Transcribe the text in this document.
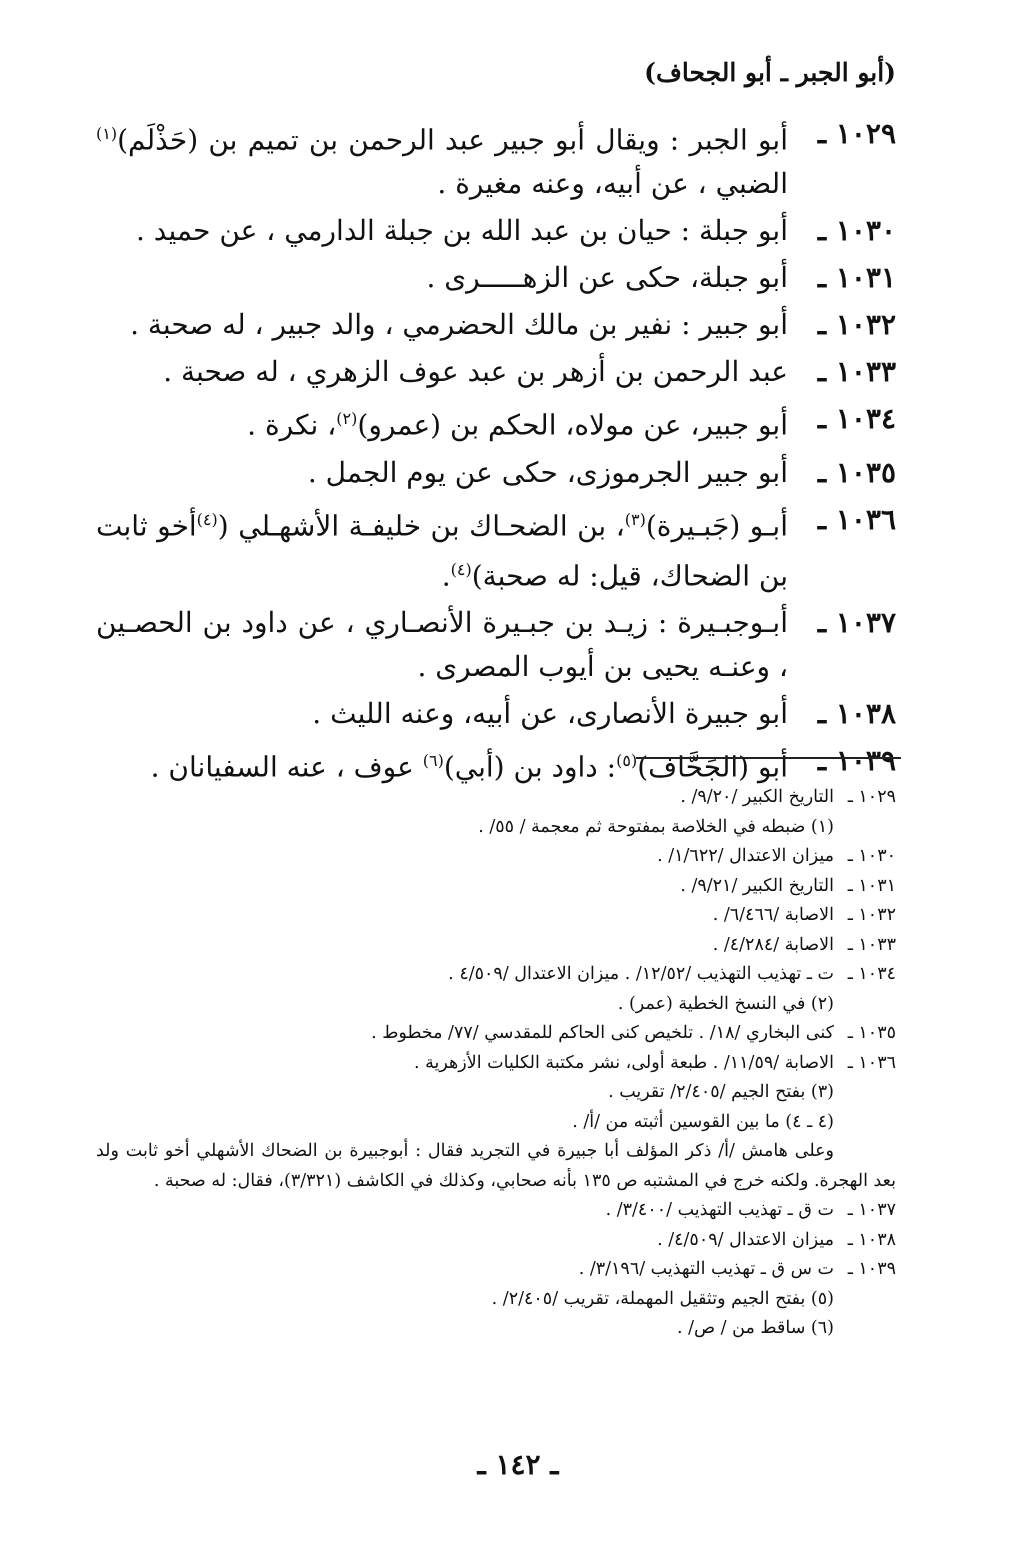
(أبو الجبر ـ أبو الجحاف)
١٠٢٩ ـ
أبو الجبر : ويقال أبو جبير عبد الرحمن بن تميم بن (حَذْلَم)$^{(١)}$ الضبي ، عن أبيه، وعنه مغيرة .
١٠٣٠ ـ
أبو جبلة : حيان بن عبد الله بن جبلة الدارمي ، عن حميد .
١٠٣١ ـ
أبو جبلة، حكى عن الزهـــــرى .
١٠٣٢ ـ
أبو جبير : نفير بن مالك الحضرمي ، والد جبير ، له صحبة .
١٠٣٣ ـ
عبد الرحمن بن أزهر بن عبد عوف الزهري ، له صحبة .
١٠٣٤ ـ
أبو جبير، عن مولاه، الحكم بن (عمرو)$^{(٢)}$، نكرة .
١٠٣٥ ـ
أبو جبير الجرموزى، حكى عن يوم الجمل .
١٠٣٦ ـ
أبـو (جَبـيرة)$^{(٣)}$، بن الضحـاك بن خليفـة الأشهـلي ($^{(٤)}$أخو ثابت بن الضحاك، قيل: له صحبة)$^{(٤)}$.
١٠٣٧ ـ
أبـوجبـيرة : زيـد بن جبـيرة الأنصـاري ، عن داود بن الحصـين ، وعنـه يحيى بن أيوب المصرى .
١٠٣٨ ـ
أبو جبيرة الأنصارى، عن أبيه، وعنه الليث .
١٠٣٩ ـ
أبو (الجَحَّاف)$^{(٥)}$: داود بن (أبي)$^{(٦)}$ عوف ، عنه السفيانان .
١٠٢٩ ـ
التاريخ الكبير /٩/٢٠/ .
(١) ضبطه في الخلاصة بمفتوحة ثم معجمة / ٥٥/ .
١٠٣٠ ـ
ميزان الاعتدال /١/٦٢٢/ .
١٠٣١ ـ
التاريخ الكبير /٩/٢١/ .
١٠٣٢ ـ
الاصابة /٦/٤٦٦/ .
١٠٣٣ ـ
الاصابة /٤/٢٨٤/ .
١٠٣٤ ـ
ت ـ تهذيب التهذيب /١٢/٥٢/ . ميزان الاعتدال /٤/٥٠٩ .
(٢) في النسخ الخطية (عمر) .
١٠٣٥ ـ
كنى البخاري /١٨/ . تلخيص كنى الحاكم للمقدسي /٧٧/ مخطوط .
١٠٣٦ ـ
الاصابة /١١/٥٩/ . طبعة أولى، نشر مكتبة الكليات الأزهرية .
(٣) بفتح الجيم /٢/٤٠٥/ تقريب .
(٤ ـ ٤) ما بين القوسين أثبته من /أ/ .
وعلى هامش /أ/ ذكر المؤلف أبا جبيرة في التجريد فقال : أبوجبيرة بن الضحاك الأشهلي أخو ثابت ولد بعد الهجرة. ولكنه خرج في المشتبه ص ١٣٥ بأنه صحابي، وكذلك في الكاشف (٣/٣٢١)، فقال: له صحبة .
١٠٣٧ ـ
ت ق ـ تهذيب التهذيب /٣/٤٠٠/ .
١٠٣٨ ـ
ميزان الاعتدال /٤/٥٠٩/ .
١٠٣٩ ـ
ت س ق ـ تهذيب التهذيب /٣/١٩٦/ .
(٥) بفتح الجيم وتثقيل المهملة، تقريب /٢/٤٠٥/ .
(٦) ساقط من / ص/ .
ـ ١٤٢ ـ
